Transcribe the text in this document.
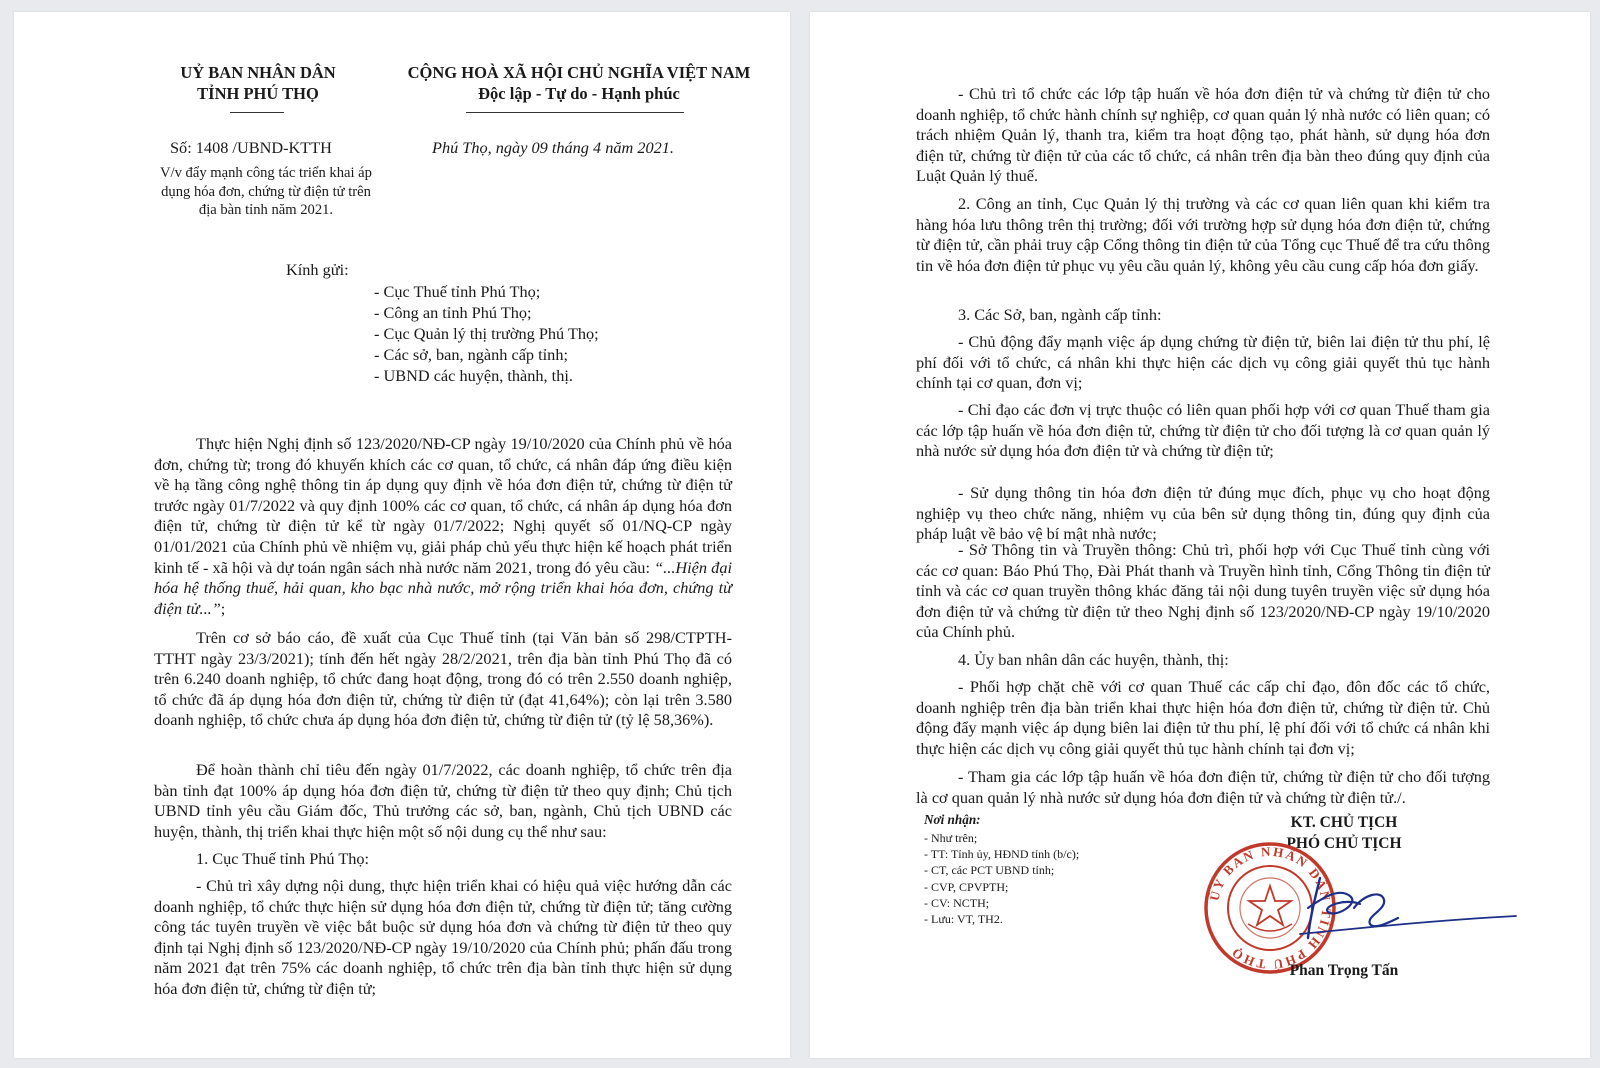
UỶ BAN NHÂN DÂN
TỈNH PHÚ THỌ
CỘNG HOÀ XÃ HỘI CHỦ NGHĨA VIỆT NAM
Độc lập - Tự do - Hạnh phúc
Số: 1408 /UBND-KTTH	Phú Thọ, ngày 09 tháng 4 năm 2021.
V/v đẩy mạnh công tác triển khai áp
dụng hóa đơn, chứng từ điện tử trên
địa bàn tỉnh năm 2021.
Kính gửi:
- Cục Thuế tỉnh Phú Thọ;
- Công an tỉnh Phú Thọ;
- Cục Quản lý thị trường Phú Thọ;
- Các sở, ban, ngành cấp tỉnh;
- UBND các huyện, thành, thị.
Thực hiện Nghị định số 123/2020/NĐ-CP ngày 19/10/2020 của Chính phủ về hóa đơn, chứng từ; trong đó khuyến khích các cơ quan, tổ chức, cá nhân đáp ứng điều kiện về hạ tầng công nghệ thông tin áp dụng quy định về hóa đơn điện tử, chứng từ điện tử trước ngày 01/7/2022 và quy định 100% các cơ quan, tổ chức, cá nhân áp dụng hóa đơn điện tử, chứng từ điện tử kể từ ngày 01/7/2022; Nghị quyết số 01/NQ-CP ngày 01/01/2021 của Chính phủ về nhiệm vụ, giải pháp chủ yếu thực hiện kế hoạch phát triển kinh tế - xã hội và dự toán ngân sách nhà nước năm 2021, trong đó yêu cầu: “...Hiện đại hóa hệ thống thuế, hải quan, kho bạc nhà nước, mở rộng triển khai hóa đơn, chứng từ điện tử...”;
Trên cơ sở báo cáo, đề xuất của Cục Thuế tỉnh (tại Văn bản số 298/CTPTH-TTHT ngày 23/3/2021); tính đến hết ngày 28/2/2021, trên địa bàn tỉnh Phú Thọ đã có trên 6.240 doanh nghiệp, tổ chức đang hoạt động, trong đó có trên 2.550 doanh nghiệp, tổ chức đã áp dụng hóa đơn điện tử, chứng từ điện tử (đạt 41,64%); còn lại trên 3.580 doanh nghiệp, tổ chức chưa áp dụng hóa đơn điện tử, chứng từ điện tử (tỷ lệ 58,36%).
Để hoàn thành chỉ tiêu đến ngày 01/7/2022, các doanh nghiệp, tổ chức trên địa bàn tỉnh đạt 100% áp dụng hóa đơn điện tử, chứng từ điện tử theo quy định; Chủ tịch UBND tỉnh yêu cầu Giám đốc, Thủ trưởng các sở, ban, ngành, Chủ tịch UBND các huyện, thành, thị triển khai thực hiện một số nội dung cụ thể như sau:
1. Cục Thuế tỉnh Phú Thọ:
- Chủ trì xây dựng nội dung, thực hiện triển khai có hiệu quả việc hướng dẫn các doanh nghiệp, tổ chức thực hiện sử dụng hóa đơn điện tử, chứng từ điện tử; tăng cường công tác tuyên truyền về việc bắt buộc sử dụng hóa đơn và chứng từ điện tử theo quy định tại Nghị định số 123/2020/NĐ-CP ngày 19/10/2020 của Chính phủ; phấn đấu trong năm 2021 đạt trên 75% các doanh nghiệp, tổ chức trên địa bàn tỉnh thực hiện sử dụng hóa đơn điện tử, chứng từ điện tử;
- Chủ trì tổ chức các lớp tập huấn về hóa đơn điện tử và chứng từ điện tử cho doanh nghiệp, tổ chức hành chính sự nghiệp, cơ quan quản lý nhà nước có liên quan; có trách nhiệm Quản lý, thanh tra, kiểm tra hoạt động tạo, phát hành, sử dụng hóa đơn điện tử, chứng từ điện tử của các tổ chức, cá nhân trên địa bàn theo đúng quy định của Luật Quản lý thuế.
2. Công an tỉnh, Cục Quản lý thị trường và các cơ quan liên quan khi kiểm tra hàng hóa lưu thông trên thị trường; đối với trường hợp sử dụng hóa đơn điện tử, chứng từ điện tử, cần phải truy cập Cổng thông tin điện tử của Tổng cục Thuế để tra cứu thông tin về hóa đơn điện tử phục vụ yêu cầu quản lý, không yêu cầu cung cấp hóa đơn giấy.
3. Các Sở, ban, ngành cấp tỉnh:
- Chủ động đẩy mạnh việc áp dụng chứng từ điện tử, biên lai điện tử thu phí, lệ phí đối với tổ chức, cá nhân khi thực hiện các dịch vụ công giải quyết thủ tục hành chính tại cơ quan, đơn vị;
- Chỉ đạo các đơn vị trực thuộc có liên quan phối hợp với cơ quan Thuế tham gia các lớp tập huấn về hóa đơn điện tử, chứng từ điện tử cho đối tượng là cơ quan quản lý nhà nước sử dụng hóa đơn điện tử và chứng từ điện tử;
- Sử dụng thông tin hóa đơn điện tử đúng mục đích, phục vụ cho hoạt động nghiệp vụ theo chức năng, nhiệm vụ của bên sử dụng thông tin, đúng quy định của pháp luật về bảo vệ bí mật nhà nước;
- Sở Thông tin và Truyền thông: Chủ trì, phối hợp với Cục Thuế tỉnh cùng với các cơ quan: Báo Phú Thọ, Đài Phát thanh và Truyền hình tỉnh, Cổng Thông tin điện tử tỉnh và các cơ quan truyền thông khác đăng tải nội dung tuyên truyền việc sử dụng hóa đơn điện tử và chứng từ điện tử theo Nghị định số 123/2020/NĐ-CP ngày 19/10/2020 của Chính phủ.
4. Ủy ban nhân dân các huyện, thành, thị:
- Phối hợp chặt chẽ với cơ quan Thuế các cấp chỉ đạo, đôn đốc các tổ chức, doanh nghiệp trên địa bàn triển khai thực hiện hóa đơn điện tử, chứng từ điện tử. Chủ động đẩy mạnh việc áp dụng biên lai điện tử thu phí, lệ phí đối với tổ chức cá nhân khi thực hiện các dịch vụ công giải quyết thủ tục hành chính tại đơn vị;
- Tham gia các lớp tập huấn về hóa đơn điện tử, chứng từ điện tử cho đối tượng là cơ quan quản lý nhà nước sử dụng hóa đơn điện tử và chứng từ điện tử./.
Nơi nhận:
- Như trên;
- TT: Tỉnh ủy, HĐND tỉnh (b/c);
- CT, các PCT UBND tỉnh;
- CVP, CPVPTH;
- CV: NCTH;
- Lưu: VT, TH2.
KT. CHỦ TỊCH
PHÓ CHỦ TỊCH
ỦY BAN NHÂN DÂN TỈNH PHÚ THỌ
Phan Trọng Tấn
